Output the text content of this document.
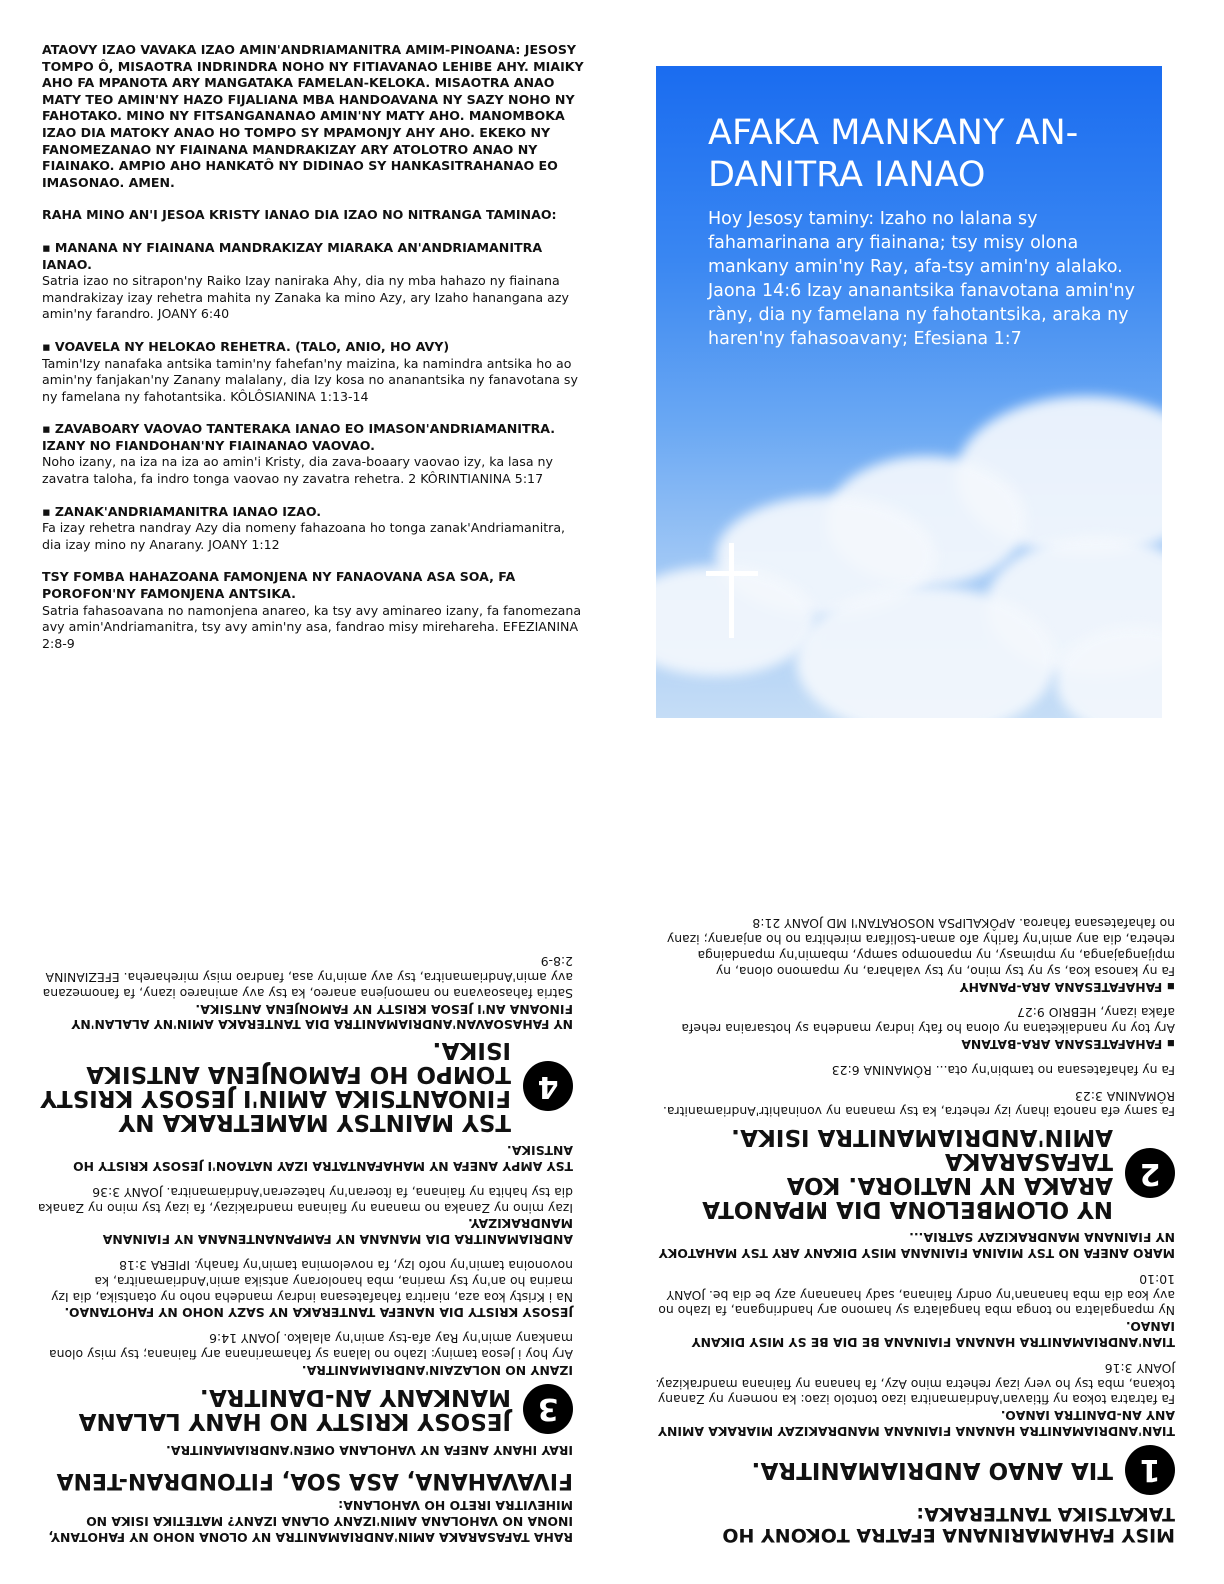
ATAOVY IZAO VAVAKA IZAO AMIN'ANDRIAMANITRA AMIM-PINOANA: JESOSY TOMPO Ô, MISAOTRA INDRINDRA NOHO NY FITIAVANAO LEHIBE AHY. MIAIKY AHO FA MPANOTA ARY MANGATAKA FAMELAN-KELOKA. MISAOTRA ANAO MATY TEO AMIN'NY HAZO FIJALIANA MBA HANDOAVANA NY SAZY NOHO NY FAHOTAKO. MINO NY FITSANGANANAO AMIN'NY MATY AHO. MANOMBOKA IZAO DIA MATOKY ANAO HO TOMPO SY MPAMONJY AHY AHO. EKEKO NY FANOMEZANAO NY FIAINANA MANDRAKIZAY ARY ATOLOTRO ANAO NY FIAINAKO. AMPIO AHO HANKATÔ NY DIDINAO SY HANKASITRAHANAO EO IMASONAO. AMEN.
RAHA MINO AN'I JESOA KRISTY IANAO DIA IZAO NO NITRANGA TAMINAO:
▪ MANANA NY FIAINANA MANDRAKIZAY MIARAKA AN'ANDRIAMANITRA IANAO.
Satria izao no sitrapon'ny Raiko Izay naniraka Ahy, dia ny mba hahazo ny fiainana mandrakizay izay rehetra mahita ny Zanaka ka mino Azy, ary Izaho hanangana azy amin'ny farandro. JOANY 6:40
▪ VOAVELA NY HELOKAO REHETRA. (TALO, ANIO, HO AVY)
Tamin'Izy nanafaka antsika tamin'ny fahefan'ny maizina, ka namindra antsika ho ao amin'ny fanjakan'ny Zanany malalany, dia Izy kosa no ananantsika ny fanavotana sy ny famelana ny fahotantsika. KÔLÔSIANINA 1:13-14
▪ ZAVABOARY VAOVAO TANTERAKA IANAO EO IMASON'ANDRIAMANITRA. IZANY NO FIANDOHAN'NY FIAINANAO VAOVAO.
Noho izany, na iza na iza ao amin'i Kristy, dia zava-boaary vaovao izy, ka lasa ny zavatra taloha, fa indro tonga vaovao ny zavatra rehetra. 2 KÔRINTIANINA 5:17
▪ ZANAK'ANDRIAMANITRA IANAO IZAO.
Fa izay rehetra nandray Azy dia nomeny fahazoana ho tonga zanak'Andriamanitra, dia izay mino ny Anarany. JOANY 1:12
TSY FOMBA HAHAZOANA FAMONJENA NY FANAOVANA ASA SOA, FA POROFON'NY FAMONJENA ANTSIKA.
Satria fahasoavana no namonjena anareo, ka tsy avy aminareo izany, fa fanomezana avy amin'Andriamanitra, tsy avy amin'ny asa, fandrao misy mirehareha. EFEZIANINA 2:8-9
AFAKA MANKANY AN-DANITRA IANAO
Hoy Jesosy taminy: Izaho no lalana sy fahamarinana ary fiainana; tsy misy olona mankany amin'ny Ray, afa-tsy amin'ny alalako. Jaona 14:6 Izay ananantsika fanavotana amin'ny ràny, dia ny famelana ny fahotantsika, araka ny haren'ny fahasoavany; Efesiana 1:7
RAHA TAFASARAKA AMIN'ANDRIAMANITRA NY OLONA NOHO NY FAHOTANY, INONA NO VAHOLANA AMIN'IZANY OLANA IZANY? MATETIKA ISIKA NO MIHEVITRA IRETO HO VAHOLANA:
FIVAVAHANA, ASA SOA, FITONDRAN-TENA
IRAY IHANY ANEFA NY VAHOLANA OMEN'ANDRIAMANITRA.
3
JESOSY KRISTY NO HANY LALANA MANKANY AN-DANITRA.
IZANY NO NOLAZAIN'ANDRIAMANITRA.
Ary hoy i Jesoa taminy: Izaho no lalana sy fahamarinana ary fiainana; tsy misy olona mankany amin'ny Ray afa-tsy amin'ny alalako. JOANY 14:6
JESOSY KRISTY DIA NANEFA TANTERAKA NY SAZY NOHO NY FAHOTANAO.
Na i Kristy koa aza, niaritra fahafatesana indray mandeha noho ny otantsika, dia Izy marina ho an'ny tsy marina, mba hanolorany antsika amin'Andriamanitra, ka novonoina tamin'ny nofo Izy, fa novelomina tamin'ny fanahy. IPIERA 3:18
ANDRIAMANITRA DIA MANANA NY FAMPANANTENANA NY FIAINANA MANDRAKIZAY.
Izay mino ny Zanaka no manana ny fiainana mandrakizay, fa izay tsy mino ny Zanaka dia tsy hahita ny fiainana, fa ítoeran'ny hatezeran'Andriamanitra. JOANY 3:36
TSY AMPY ANEFA NY MAHAFANTATRA IZAY NATAON'I JESOSY KRISTY HO ANTSIKA.
4
TSY MAINTSY MAMETRAKA NY FINOANTSIKA AMIN'I JESOSY KRISTY TOMPO HO FAMONJENA ANTSIKA ISIKA.
NY FAHASOAVAN'ANDRIAMANITRA DIA TANTERAKA AMIN'NY ALALAN'NY FINOANA AN'I JESOA KRISTY NY FAMONJENA ANTSIKA.
Satria fahasoavana no namonjena anareo, ka tsy avy aminareo izany, fa fanomezana avy amin'Andriamanitra, tsy avy amin'ny asa, fandrao misy mirehareha. EFEZIANINA 2:8-9
MISY FAHAMARINANA EFATRA TOKONY HO TAKATSIKA TANTERAKA:
1
TIA ANAO ANDRIAMANITRA.
TIAN'ANDRIAMANITRA HANANA FIAINANA MANDRAKIZAY MIARAKA AMINY ANY AN-DANITRA IANAO.
Fa fatratra tokoa ny fitiavan'Andriamanitra izao tontolo izao: ka nomeny ny Zanany tokana, mba tsy ho very izay rehetra mino Azy, fa hanana ny fiainana mandrakizay. JOANY 3:16
TIAN'ANDRIAMANITRA HANANA FIAINANA BE DIA BE SY MISY DIKANY IANAO.
Ny mpangalatra no tonga mba hangalatra sy hamono ary handringana, fa Izaho no avy koa dia mba hananan'ny ondry fiainana, sady hananany azy be dia be. JOANY 10:10
MARO ANEFA NO TSY MIAINA FIAINANA MISY DIKANY ARY TSY MAHATOKY NY FIAINANA MANDRAKIZAY SATRIA...
2
NY OLOMBELONA DIA MPANOTA ARAKA NY NATIORA. KOA TAFASARAKA AMIN'ANDRIAMANITRA ISIKA.
Fa samy efa nanota ihany izy rehetra, ka tsy manana ny voninahitr'Andriamanitra. RÔMANINA 3:23
Fa ny fahafatesana no tambin'ny ota... RÔMANINA 6:23
▪ FAHAFATESANA ARA-BATANA
Ary toy ny nandaiketana ny olona ho faty indray mandeha sy hotsaraina rehefa afaka izany, HEBRIO 9:27
▪ FAHAFATESANA ARA-PANAHY
Fa ny kanosa koa, sy ny tsy mino, ny tsy valahara, ny mpamono olona, ny mpijangajanga, ny mpimasy, ny mpanompo sampy, mbamin'ny mpandainga rehetra, dia any amin'ny farihy afo aman-tsolifara mirehitra no ho anjarany; izany no fahafatesana faharoa. APÔKALIPSA NOSORATAN'I MD JOANY 21:8
